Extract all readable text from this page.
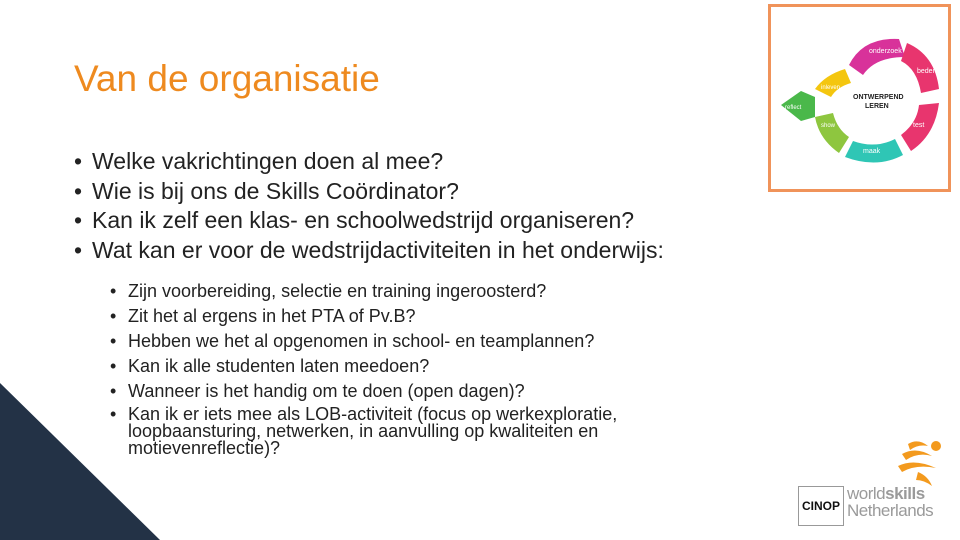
Van de organisatie
• Welke vakrichtingen doen al mee?
• Wie is bij ons de Skills Coördinator?
• Kan ik zelf een klas- en schoolwedstrijd organiseren?
• Wat kan er voor de wedstrijdactiviteiten in het onderwijs:
• Zijn voorbereiding, selectie en training ingeroosterd?
• Zit het al ergens in het PTA of Pv.B?
• Hebben we het al opgenomen in school- en teamplannen?
• Kan ik alle studenten laten meedoen?
• Wanneer is het handig om te doen (open dagen)?
• Kan ik er iets mee als LOB-activiteit (focus op werkexploratie, loopbaansturing, netwerken, in aanvulling op kwaliteiten en motievenreflectie)?
onderzoek
bedenk
maak
test
show
reflect
inleven
ONTWERPEND
LEREN
CINOP
worldskills
Netherlands
